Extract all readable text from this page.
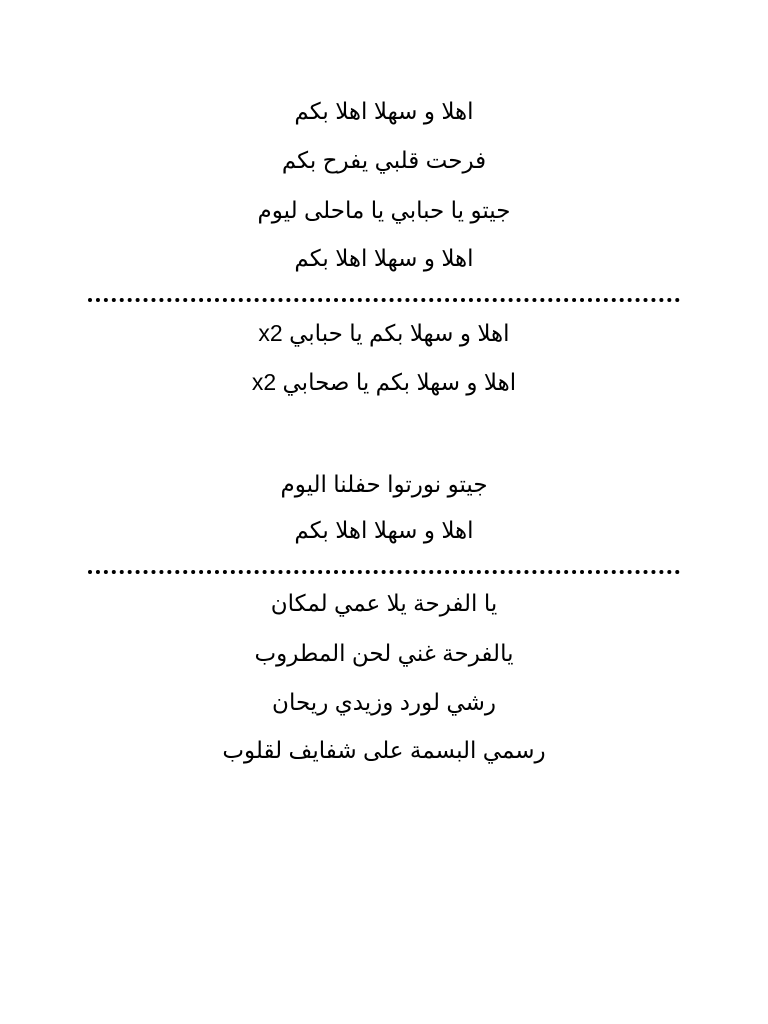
اهلا و سهلا اهلا بكم
فرحت قلبي يفرح بكم
جيتو يا حبابي يا ماحلى ليوم
اهلا و سهلا اهلا بكم
x2 اهلا و سهلا بكم يا حبابي
x2 اهلا و سهلا بكم يا صحابي
جيتو نورتوا حفلنا اليوم
اهلا و سهلا اهلا بكم
يا الفرحة يلا عمي لمكان
يالفرحة غني لحن المطروب
رشي لورد وزيدي ريحان
رسمي البسمة على شفايف لقلوب
